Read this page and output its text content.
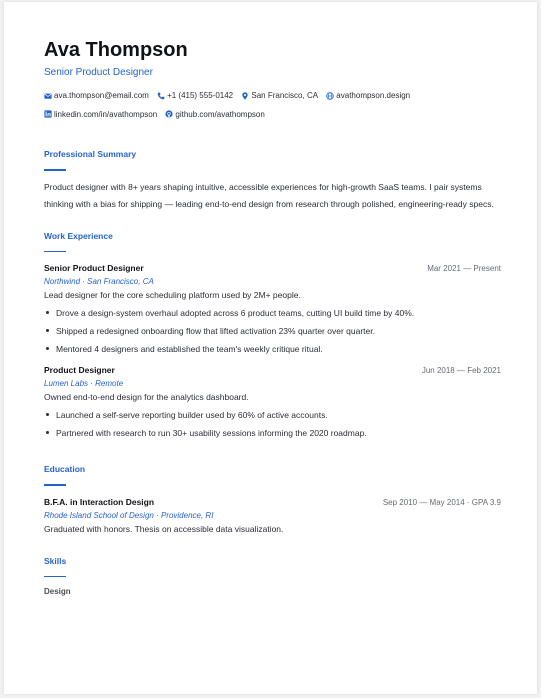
Ava Thompson
Senior Product Designer
ava.thompson@email.com
+1 (415) 555-0142
San Francisco, CA
avathompson.design

linkedin.com/in/avathompson
github.com/avathompson
Professional Summary
Product designer with 8+ years shaping intuitive, accessible experiences for high-growth SaaS teams. I pair systems thinking with a bias for shipping — leading end-to-end design from research through polished, engineering-ready specs.
Work Experience
Senior Product Designer	Mar 2021 — Present
Northwind · San Francisco, CA
Lead designer for the core scheduling platform used by 2M+ people.
Drove a design-system overhaul adopted across 6 product teams, cutting UI build time by 40%.
Shipped a redesigned onboarding flow that lifted activation 23% quarter over quarter.
Mentored 4 designers and established the team's weekly critique ritual.
Product Designer	Jun 2018 — Feb 2021
Lumen Labs · Remote
Owned end-to-end design for the analytics dashboard.
Launched a self-serve reporting builder used by 60% of active accounts.
Partnered with research to run 30+ usability sessions informing the 2020 roadmap.
Education
B.F.A. in Interaction Design	Sep 2010 — May 2014 · GPA 3.9
Rhode Island School of Design · Providence, RI
Graduated with honors. Thesis on accessible data visualization.
Skills
Design
